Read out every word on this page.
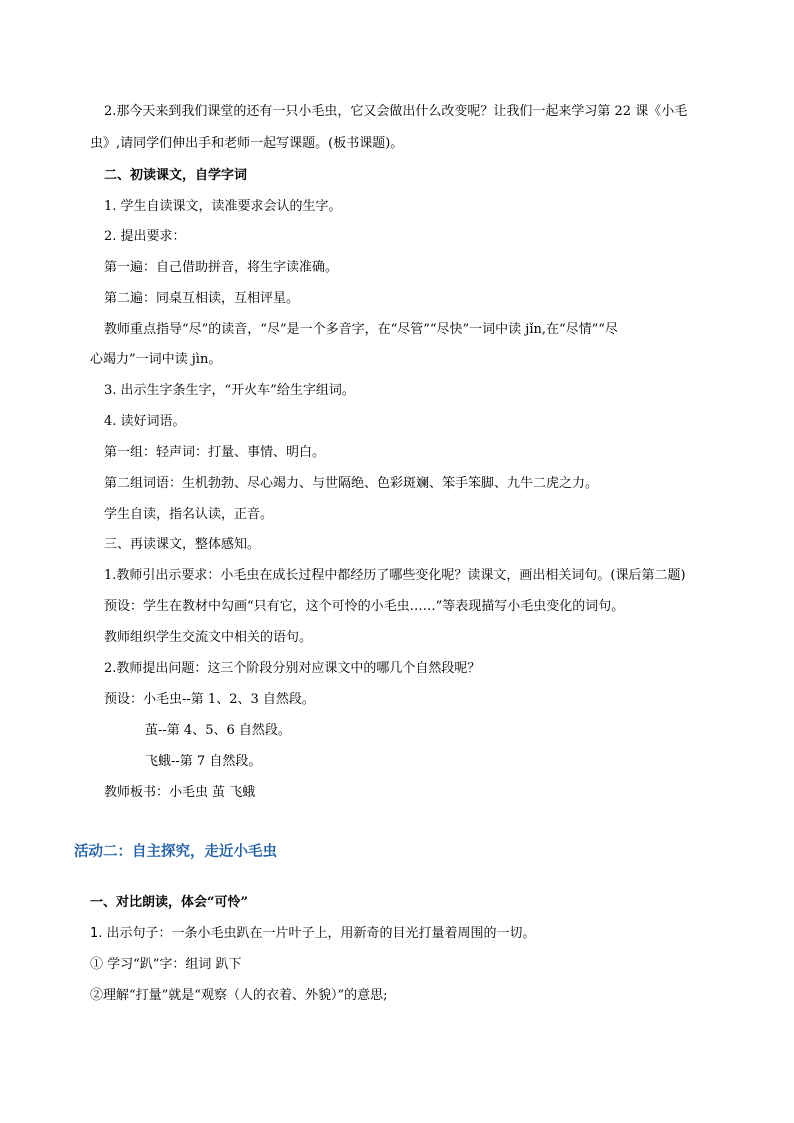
2.那今天来到我们课堂的还有一只小毛虫，它又会做出什么改变呢？让我们一起来学习第 22 课《小毛
虫》,请同学们伸出手和老师一起写课题。(板书课题)。
二、初读课文，自学字词
1. 学生自读课文，读准要求会认的生字。
2. 提出要求：
第一遍：自己借助拼音，将生字读准确。
第二遍：同桌互相读，互相评星。
教师重点指导“尽”的读音，“尽”是一个多音字，在“尽管”“尽快”一词中读 jǐn,在“尽情”“尽
心竭力”一词中读 jìn。
3. 出示生字条生字，“开火车”给生字组词。
4. 读好词语。
第一组：轻声词：打量、事情、明白。
第二组词语：生机勃勃、尽心竭力、与世隔绝、色彩斑斓、笨手笨脚、九牛二虎之力。
学生自读，指名认读，正音。
三、再读课文，整体感知。
1.教师引出示要求：小毛虫在成长过程中都经历了哪些变化呢？读课文，画出相关词句。(课后第二题)
预设：学生在教材中勾画“只有它，这个可怜的小毛虫……”等表现描写小毛虫变化的词句。
教师组织学生交流文中相关的语句。
2.教师提出问题：这三个阶段分别对应课文中的哪几个自然段呢？
预设：小毛虫--第 1、2、3 自然段。
茧--第 4、5、6 自然段。
飞蛾--第 7 自然段。
教师板书：小毛虫 茧 飞蛾
活动二：自主探究，走近小毛虫
一、对比朗读，体会“可怜”
1. 出示句子：一条小毛虫趴在一片叶子上，用新奇的目光打量着周围的一切。
① 学习“趴”字：组词 趴下
②理解“打量”就是“观察（人的衣着、外貌）”的意思;
